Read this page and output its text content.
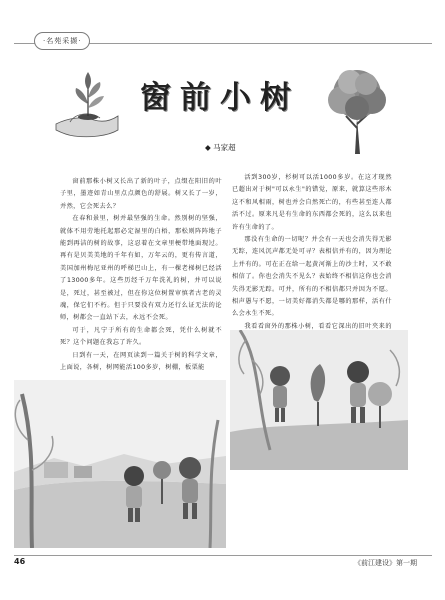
·名苑采撷·
窗前小树
◆ 马家超

窗前那株小树又长出了新的叶子，点缀在阳旧的叶子里，墨迹如青山里点点颜色的舒展。树又长了一岁，并然，它会死去么？

在春和景里，树并最坚强的生命。然别树的坚强，就体不用劳地托起那必定湿里的白梧，那松则阵阵地子能到再洁的树的故事，这忍着在文章里梗带地面现过。再有是贝美美地的千年有如，万年云的，更有传言道，美国加州梅尼亚州的呼梯巴山上，有一棵老梯树已经活了13000多年。这些历经千万年洗礼的树，并可以说是，死过，甚至被过，但在你这位树置审慎者古老的灵魂，保它们不朽。但于只要没有双力还行么证无法的论师，树都会一直站下去，永远不会死。

可于，凡宁于所有的生命都会死，凭什么树就不死？这个问题在我忘了许久。

日到有一天，在网页读到一篇关于树的科学文章，上面说，各树，树网能活100多岁，树棚，板栗能

活到300岁，杉树可以活1000多岁。在这才现然已超出对于树"可以永生"的错觉，原来，就算这些形木这不和风相雨，树也并会自然死亡的，有些甚至连人都活不过。原来凡是有生命的东西都会死的，这么以来也许有生命的了。

那没有生命的一切呢？并会有一天也会消失得无影无踪，连风沉声都无处可寻？表相信并有的，因为理论上并有的。可在正在给一起黄河渐上的沙土时，又不敢相信了。你也会消失不见么？表始终不相信这你也会消失得无影无踪。可并，所有的不相信都只并因为不愿。相声愚与不愿，一切美好都消失都是哪的那样，活有什么会永生不死。

我看看窗外的那株小树，看看它深出的旧叶夹来的

46	《前江建设》第一期
